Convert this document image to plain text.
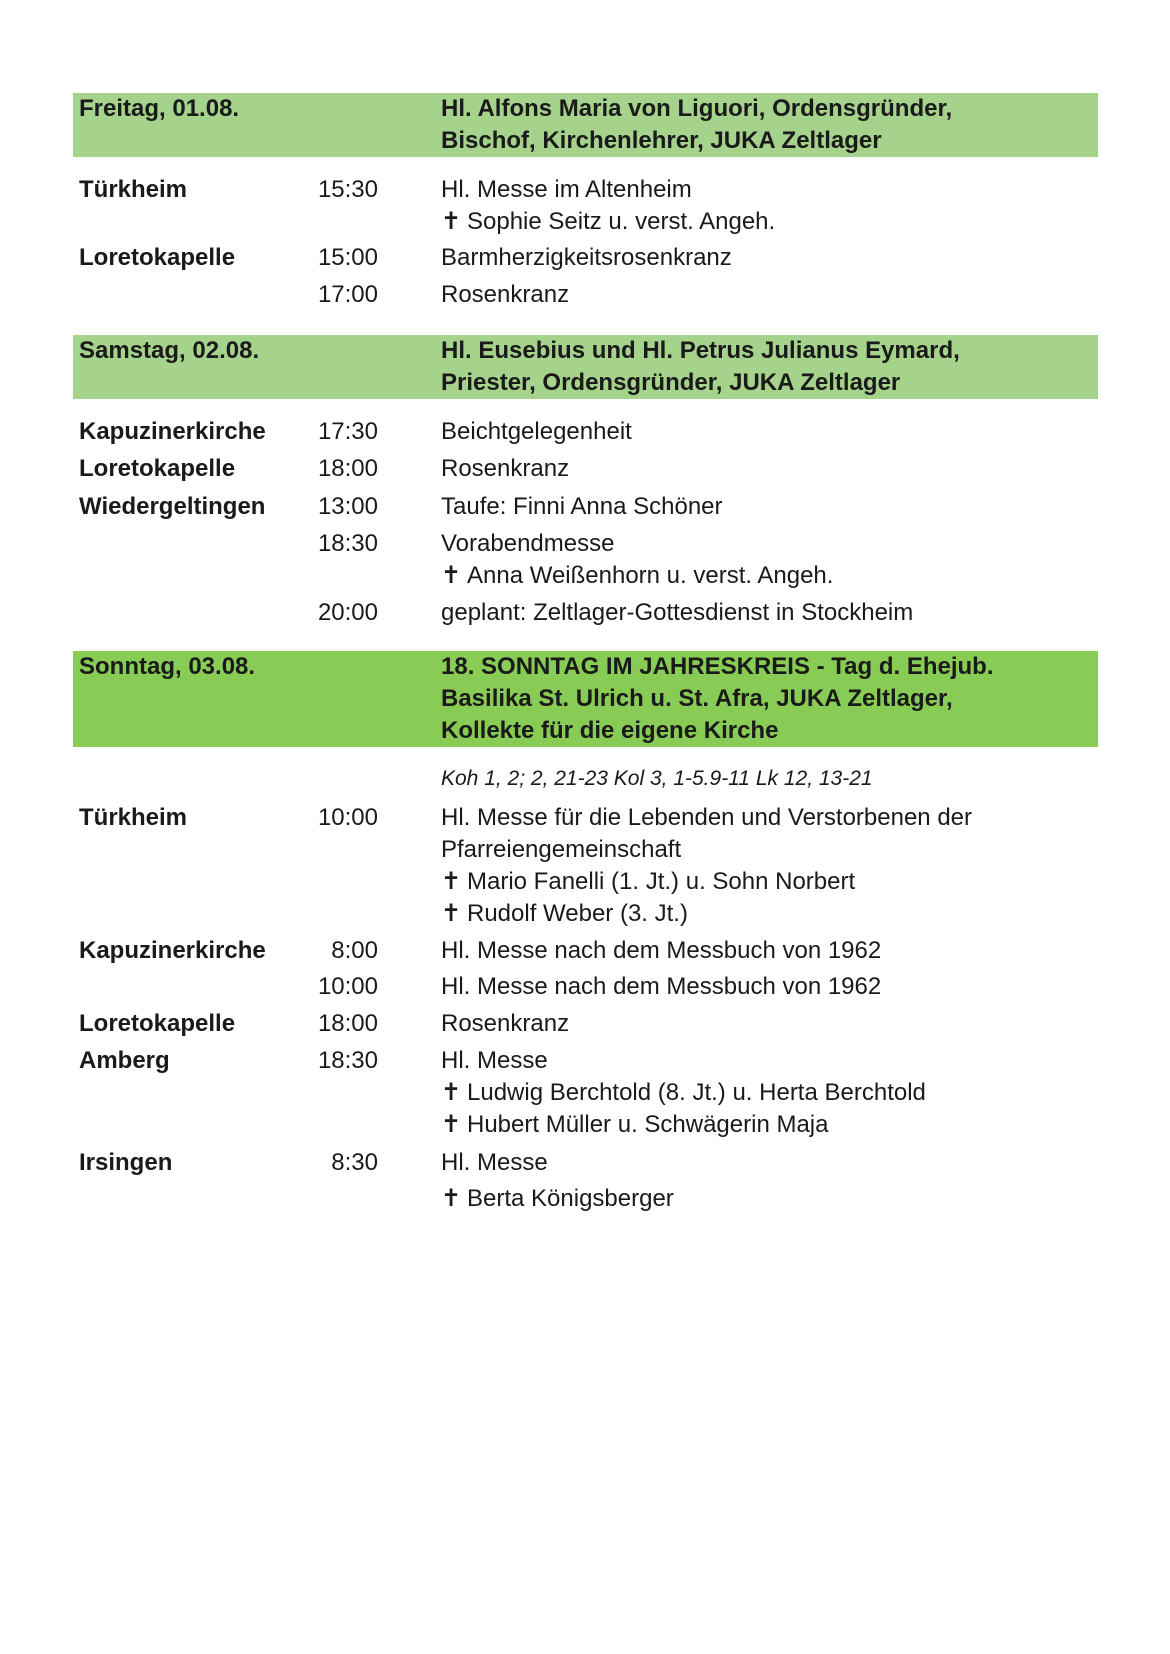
Freitag, 01.08.	Hl. Alfons Maria von Liguori, Ordensgründer,
Bischof, Kirchenlehrer, JUKA Zeltlager
Türkheim	15:30	Hl. Messe im Altenheim
✝ Sophie Seitz u. verst. Angeh.
Loretokapelle	15:00	Barmherzigkeitsrosenkranz
17:00	Rosenkranz
Samstag, 02.08.	Hl. Eusebius und Hl. Petrus Julianus Eymard,
Priester, Ordensgründer, JUKA Zeltlager
Kapuzinerkirche	17:30	Beichtgelegenheit
Loretokapelle	18:00	Rosenkranz
Wiedergeltingen	13:00	Taufe: Finni Anna Schöner
18:30	Vorabendmesse
✝ Anna Weißenhorn u. verst. Angeh.
20:00	geplant: Zeltlager-Gottesdienst in Stockheim
Sonntag, 03.08.	18. SONNTAG IM JAHRESKREIS - Tag d. Ehejub.
Basilika St. Ulrich u. St. Afra, JUKA Zeltlager,
Kollekte für die eigene Kirche
Koh 1, 2; 2, 21-23 Kol 3, 1-5.9-11 Lk 12, 13-21
Türkheim	10:00	Hl. Messe für die Lebenden und Verstorbenen der Pfarreiengemeinschaft
✝ Mario Fanelli (1. Jt.) u. Sohn Norbert
✝ Rudolf Weber (3. Jt.)
Kapuzinerkirche	8:00	Hl. Messe nach dem Messbuch von 1962
10:00	Hl. Messe nach dem Messbuch von 1962
Loretokapelle	18:00	Rosenkranz
Amberg	18:30	Hl. Messe
✝ Ludwig Berchtold (8. Jt.) u. Herta Berchtold
✝ Hubert Müller u. Schwägerin Maja
Irsingen	8:30	Hl. Messe
✝ Berta Königsberger
